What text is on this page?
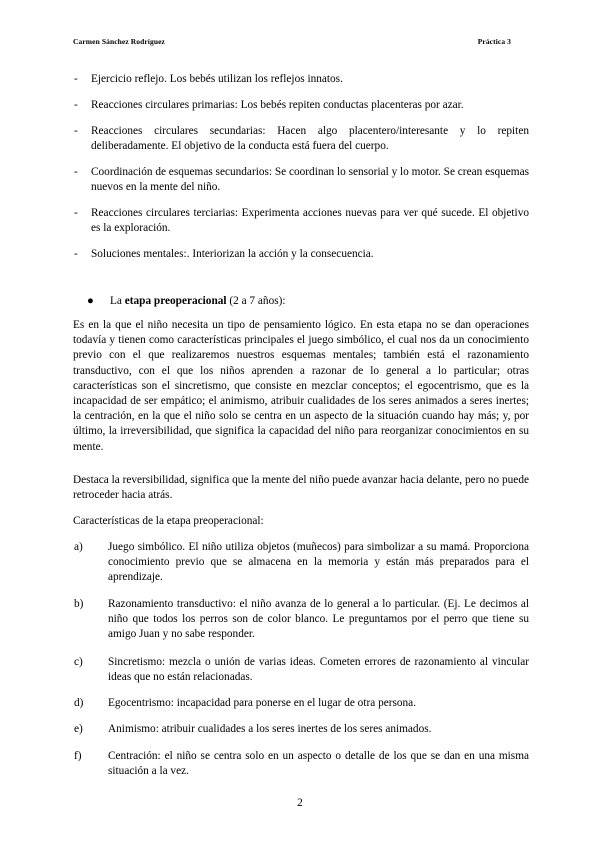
Carmen Sánchez Rodríguez	Práctica 3
- Ejercicio reflejo. Los bebés utilizan los reflejos innatos.
- Reacciones circulares primarias: Los bebés repiten conductas placenteras por azar.
- Reacciones circulares secundarias: Hacen algo placentero/interesante y lo repiten deliberadamente. El objetivo de la conducta está fuera del cuerpo.
- Coordinación de esquemas secundarios: Se coordinan lo sensorial y lo motor. Se crean esquemas nuevos en la mente del niño.
- Reacciones circulares terciarias: Experimenta acciones nuevas para ver qué sucede. El objetivo es la exploración.
- Soluciones mentales:. Interiorizan la acción y la consecuencia.
● La etapa preoperacional (2 a 7 años):
Es en la que el niño necesita un tipo de pensamiento lógico. En esta etapa no se dan operaciones todavía y tienen como características principales el juego simbólico, el cual nos da un conocimiento previo con el que realizaremos nuestros esquemas mentales; también está el razonamiento transductivo, con el que los niños aprenden a razonar de lo general a lo particular; otras características son el sincretismo, que consiste en mezclar conceptos; el egocentrismo, que es la incapacidad de ser empático; el animismo, atribuir cualidades de los seres animados a seres inertes; la centración, en la que el niño solo se centra en un aspecto de la situación cuando hay más; y, por último, la irreversibilidad, que significa la capacidad del niño para reorganizar conocimientos en su mente.
Destaca la reversibilidad, significa que la mente del niño puede avanzar hacia delante, pero no puede retroceder hacia atrás.
Características de la etapa preoperacional:
a) Juego simbólico. El niño utiliza objetos (muñecos) para simbolizar a su mamá. Proporciona conocimiento previo que se almacena en la memoria y están más preparados para el aprendizaje.
b) Razonamiento transductivo: el niño avanza de lo general a lo particular. (Ej. Le decimos al niño que todos los perros son de color blanco. Le preguntamos por el perro que tiene su amigo Juan y no sabe responder.
c) Sincretismo: mezcla o unión de varias ideas. Cometen errores de razonamiento al vincular ideas que no están relacionadas.
d) Egocentrismo: incapacidad para ponerse en el lugar de otra persona.
e) Animismo: atribuir cualidades a los seres inertes de los seres animados.
f) Centración: el niño se centra solo en un aspecto o detalle de los que se dan en una misma situación a la vez.
2
